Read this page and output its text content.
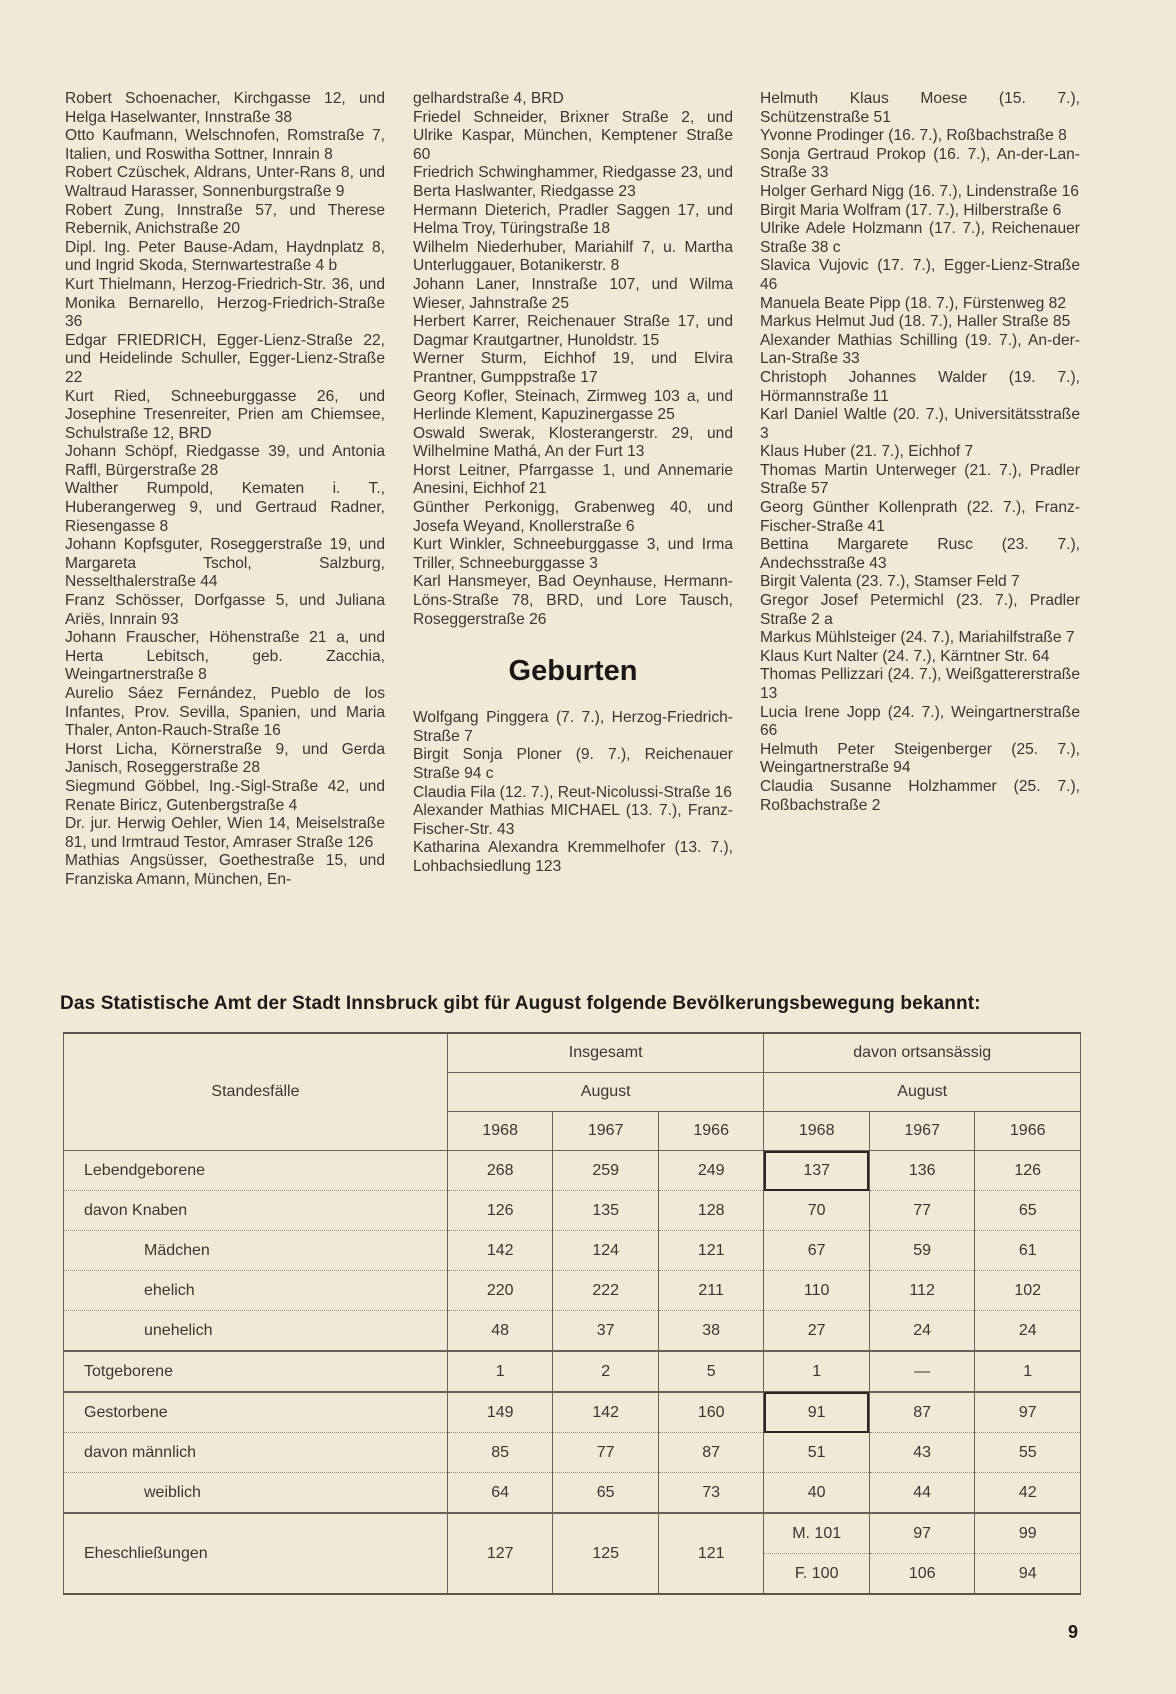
Robert Schoenacher, Kirchgasse 12, und Helga Haselwanter, Innstraße 38
Otto Kaufmann, Welschnofen, Romstraße 7, Italien, und Roswitha Sottner, Innrain 8
Robert Czüschek, Aldrans, Unter-Rans 8, und Waltraud Harasser, Sonnenburgstraße 9
Robert Zung, Innstraße 57, und Therese Rebernik, Anichstraße 20
Dipl. Ing. Peter Bause-Adam, Haydnplatz 8, und Ingrid Skoda, Sternwartestraße 4 b
Kurt Thielmann, Herzog-Friedrich-Str. 36, und Monika Bernarello, Herzog-Friedrich-Straße 36
Edgar FRIEDRICH, Egger-Lienz-Straße 22, und Heidelinde Schuller, Egger-Lienz-Straße 22
Kurt Ried, Schneeburggasse 26, und Josephine Tresenreiter, Prien am Chiemsee, Schulstraße 12, BRD
Johann Schöpf, Riedgasse 39, und Antonia Raffl, Bürgerstraße 28
Walther Rumpold, Kematen i. T., Huberangerweg 9, und Gertraud Radner, Riesengasse 8
Johann Kopfsguter, Roseggerstraße 19, und Margareta Tschol, Salzburg, Nesselthalerstraße 44
Franz Schösser, Dorfgasse 5, und Juliana Ariës, Innrain 93
Johann Frauscher, Höhenstraße 21 a, und Herta Lebitsch, geb. Zacchia, Weingartnerstraße 8
Aurelio Sáez Fernández, Pueblo de los Infantes, Prov. Sevilla, Spanien, und Maria Thaler, Anton-Rauch-Straße 16
Horst Licha, Körnerstraße 9, und Gerda Janisch, Roseggerstraße 28
Siegmund Göbbel, Ing.-Sigl-Straße 42, und Renate Biricz, Gutenbergstraße 4
Dr. jur. Herwig Oehler, Wien 14, Meiselstraße 81, und Irmtraud Testor, Amraser Straße 126
Mathias Angsüsser, Goethestraße 15, und Franziska Amann, München, En-
gelhardstraße 4, BRD
Friedel Schneider, Brixner Straße 2, und Ulrike Kaspar, München, Kemptener Straße 60
Friedrich Schwinghammer, Riedgasse 23, und Berta Haslwanter, Riedgasse 23
Hermann Dieterich, Pradler Saggen 17, und Helma Troy, Türingstraße 18
Wilhelm Niederhuber, Mariahilf 7, u. Martha Unterluggauer, Botanikerstr. 8
Johann Laner, Innstraße 107, und Wilma Wieser, Jahnstraße 25
Herbert Karrer, Reichenauer Straße 17, und Dagmar Krautgartner, Hunoldstr. 15
Werner Sturm, Eichhof 19, und Elvira Prantner, Gumppstraße 17
Georg Kofler, Steinach, Zirmweg 103 a, und Herlinde Klement, Kapuzinergasse 25
Oswald Swerak, Klosterangerstr. 29, und Wilhelmine Mathá, An der Furt 13
Horst Leitner, Pfarrgasse 1, und Annemarie Anesini, Eichhof 21
Günther Perkonigg, Grabenweg 40, und Josefa Weyand, Knollerstraße 6
Kurt Winkler, Schneeburggasse 3, und Irma Triller, Schneeburggasse 3
Karl Hansmeyer, Bad Oeynhause, Hermann-Löns-Straße 78, BRD, und Lore Tausch, Roseggerstraße 26
Geburten
Wolfgang Pinggera (7. 7.), Herzog-Friedrich-Straße 7
Birgit Sonja Ploner (9. 7.), Reichenauer Straße 94 c
Claudia Fila (12. 7.), Reut-Nicolussi-Straße 16
Alexander Mathias MICHAEL (13. 7.), Franz-Fischer-Str. 43
Katharina Alexandra Kremmelhofer (13. 7.), Lohbachsiedlung 123
Helmuth Klaus Moese (15. 7.), Schützenstraße 51
Yvonne Prodinger (16. 7.), Roßbachstraße 8
Sonja Gertraud Prokop (16. 7.), An-der-Lan-Straße 33
Holger Gerhard Nigg (16. 7.), Lindenstraße 16
Birgit Maria Wolfram (17. 7.), Hilberstraße 6
Ulrike Adele Holzmann (17. 7.), Reichenauer Straße 38 c
Slavica Vujovic (17. 7.), Egger-Lienz-Straße 46
Manuela Beate Pipp (18. 7.), Fürstenweg 82
Markus Helmut Jud (18. 7.), Haller Straße 85
Alexander Mathias Schilling (19. 7.), An-der-Lan-Straße 33
Christoph Johannes Walder (19. 7.), Hörmannstraße 11
Karl Daniel Waltle (20. 7.), Universitätsstraße 3
Klaus Huber (21. 7.), Eichhof 7
Thomas Martin Unterweger (21. 7.), Pradler Straße 57
Georg Günther Kollenprath (22. 7.), Franz-Fischer-Straße 41
Bettina Margarete Rusc (23. 7.), Andechsstraße 43
Birgit Valenta (23. 7.), Stamser Feld 7
Gregor Josef Petermichl (23. 7.), Pradler Straße 2 a
Markus Mühlsteiger (24. 7.), Mariahilfstraße 7
Klaus Kurt Nalter (24. 7.), Kärntner Str. 64
Thomas Pellizzari (24. 7.), Weißgattererstraße 13
Lucia Irene Jopp (24. 7.), Weingartnerstraße 66
Helmuth Peter Steigenberger (25. 7.), Weingartnerstraße 94
Claudia Susanne Holzhammer (25. 7.), Roßbachstraße 2
Das Statistische Amt der Stadt Innsbruck gibt für August folgende Bevölkerungsbewegung bekannt:
Standesfälle	Insgesamt			davon ortsansässig		
	August			August		
	1968	1967	1966	1968	1967	1966
Lebendgeborene	268	259	249	137	136	126
davon Knaben	126	135	128	70	77	65
Mädchen	142	124	121	67	59	61
ehelich	220	222	211	110	112	102
unehelich	48	37	38	27	24	24
Totgeborene	1	2	5	1	—	1
Gestorbene	149	142	160	91	87	97
davon männlich	85	77	87	51	43	55
weiblich	64	65	73	40	44	42
Eheschließungen	127	125	121	M. 101	97	99
				F. 100	106	94
9
